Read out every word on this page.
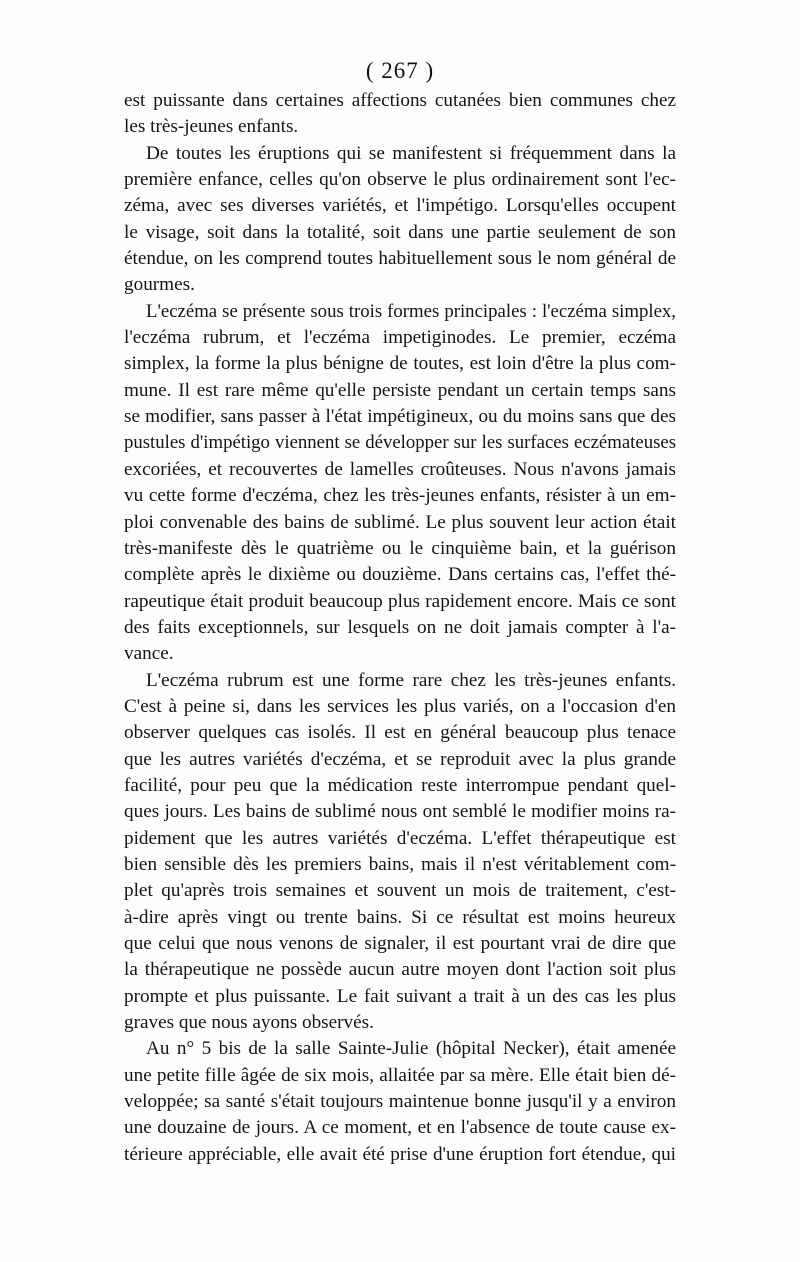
( 267 )
est puissante dans certaines affections cutanées bien communes chez
les très-jeunes enfants.
De toutes les éruptions qui se manifestent si fréquemment dans la
première enfance, celles qu'on observe le plus ordinairement sont l'ec-
zéma, avec ses diverses variétés, et l'impétigo. Lorsqu'elles occupent
le visage, soit dans la totalité, soit dans une partie seulement de son
étendue, on les comprend toutes habituellement sous le nom général de
gourmes.
L'eczéma se présente sous trois formes principales : l'eczéma simplex,
l'eczéma rubrum, et l'eczéma impetiginodes. Le premier, eczéma
simplex, la forme la plus bénigne de toutes, est loin d'être la plus com-
mune. Il est rare même qu'elle persiste pendant un certain temps sans
se modifier, sans passer à l'état impétigineux, ou du moins sans que des
pustules d'impétigo viennent se développer sur les surfaces eczémateuses
excoriées, et recouvertes de lamelles croûteuses. Nous n'avons jamais
vu cette forme d'eczéma, chez les très-jeunes enfants, résister à un em-
ploi convenable des bains de sublimé. Le plus souvent leur action était
très-manifeste dès le quatrième ou le cinquième bain, et la guérison
complète après le dixième ou douzième. Dans certains cas, l'effet thé-
rapeutique était produit beaucoup plus rapidement encore. Mais ce sont
des faits exceptionnels, sur lesquels on ne doit jamais compter à l'a-
vance.
L'eczéma rubrum est une forme rare chez les très-jeunes enfants.
C'est à peine si, dans les services les plus variés, on a l'occasion d'en
observer quelques cas isolés. Il est en général beaucoup plus tenace
que les autres variétés d'eczéma, et se reproduit avec la plus grande
facilité, pour peu que la médication reste interrompue pendant quel-
ques jours. Les bains de sublimé nous ont semblé le modifier moins ra-
pidement que les autres variétés d'eczéma. L'effet thérapeutique est
bien sensible dès les premiers bains, mais il n'est véritablement com-
plet qu'après trois semaines et souvent un mois de traitement, c'est-
à-dire après vingt ou trente bains. Si ce résultat est moins heureux
que celui que nous venons de signaler, il est pourtant vrai de dire que
la thérapeutique ne possède aucun autre moyen dont l'action soit plus
prompte et plus puissante. Le fait suivant a trait à un des cas les plus
graves que nous ayons observés.
Au n° 5 bis de la salle Sainte-Julie (hôpital Necker), était amenée
une petite fille âgée de six mois, allaitée par sa mère. Elle était bien dé-
veloppée; sa santé s'était toujours maintenue bonne jusqu'il y a environ
une douzaine de jours. A ce moment, et en l'absence de toute cause ex-
térieure appréciable, elle avait été prise d'une éruption fort étendue, qui
